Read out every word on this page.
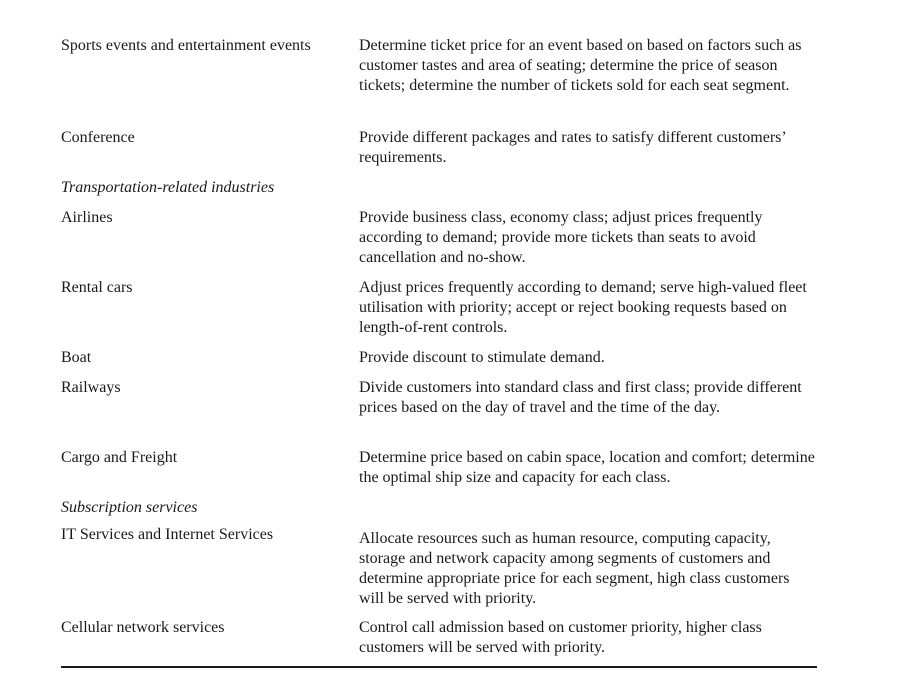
Sports events and entertainment events	Determine ticket price for an event based on based on factors such as customer tastes and area of seating; determine the price of season tickets; determine the number of tickets sold for each seat segment.
Conference	Provide different packages and rates to satisfy different customers’ requirements.
Transportation-related industries
Airlines	Provide business class, economy class; adjust prices frequently according to demand; provide more tickets than seats to avoid cancellation and no-show.
Rental cars	Adjust prices frequently according to demand; serve high-valued fleet utilisation with priority; accept or reject booking requests based on length-of-rent controls.
Boat	Provide discount to stimulate demand.
Railways	Divide customers into standard class and first class; provide different prices based on the day of travel and the time of the day.
Cargo and Freight	Determine price based on cabin space, location and comfort; determine the optimal ship size and capacity for each class.
Subscription services
IT Services and Internet Services	Allocate resources such as human resource, computing capacity, storage and network capacity among segments of customers and determine appropriate price for each segment, high class customers will be served with priority.
Cellular network services	Control call admission based on customer priority, higher class customers will be served with priority.
